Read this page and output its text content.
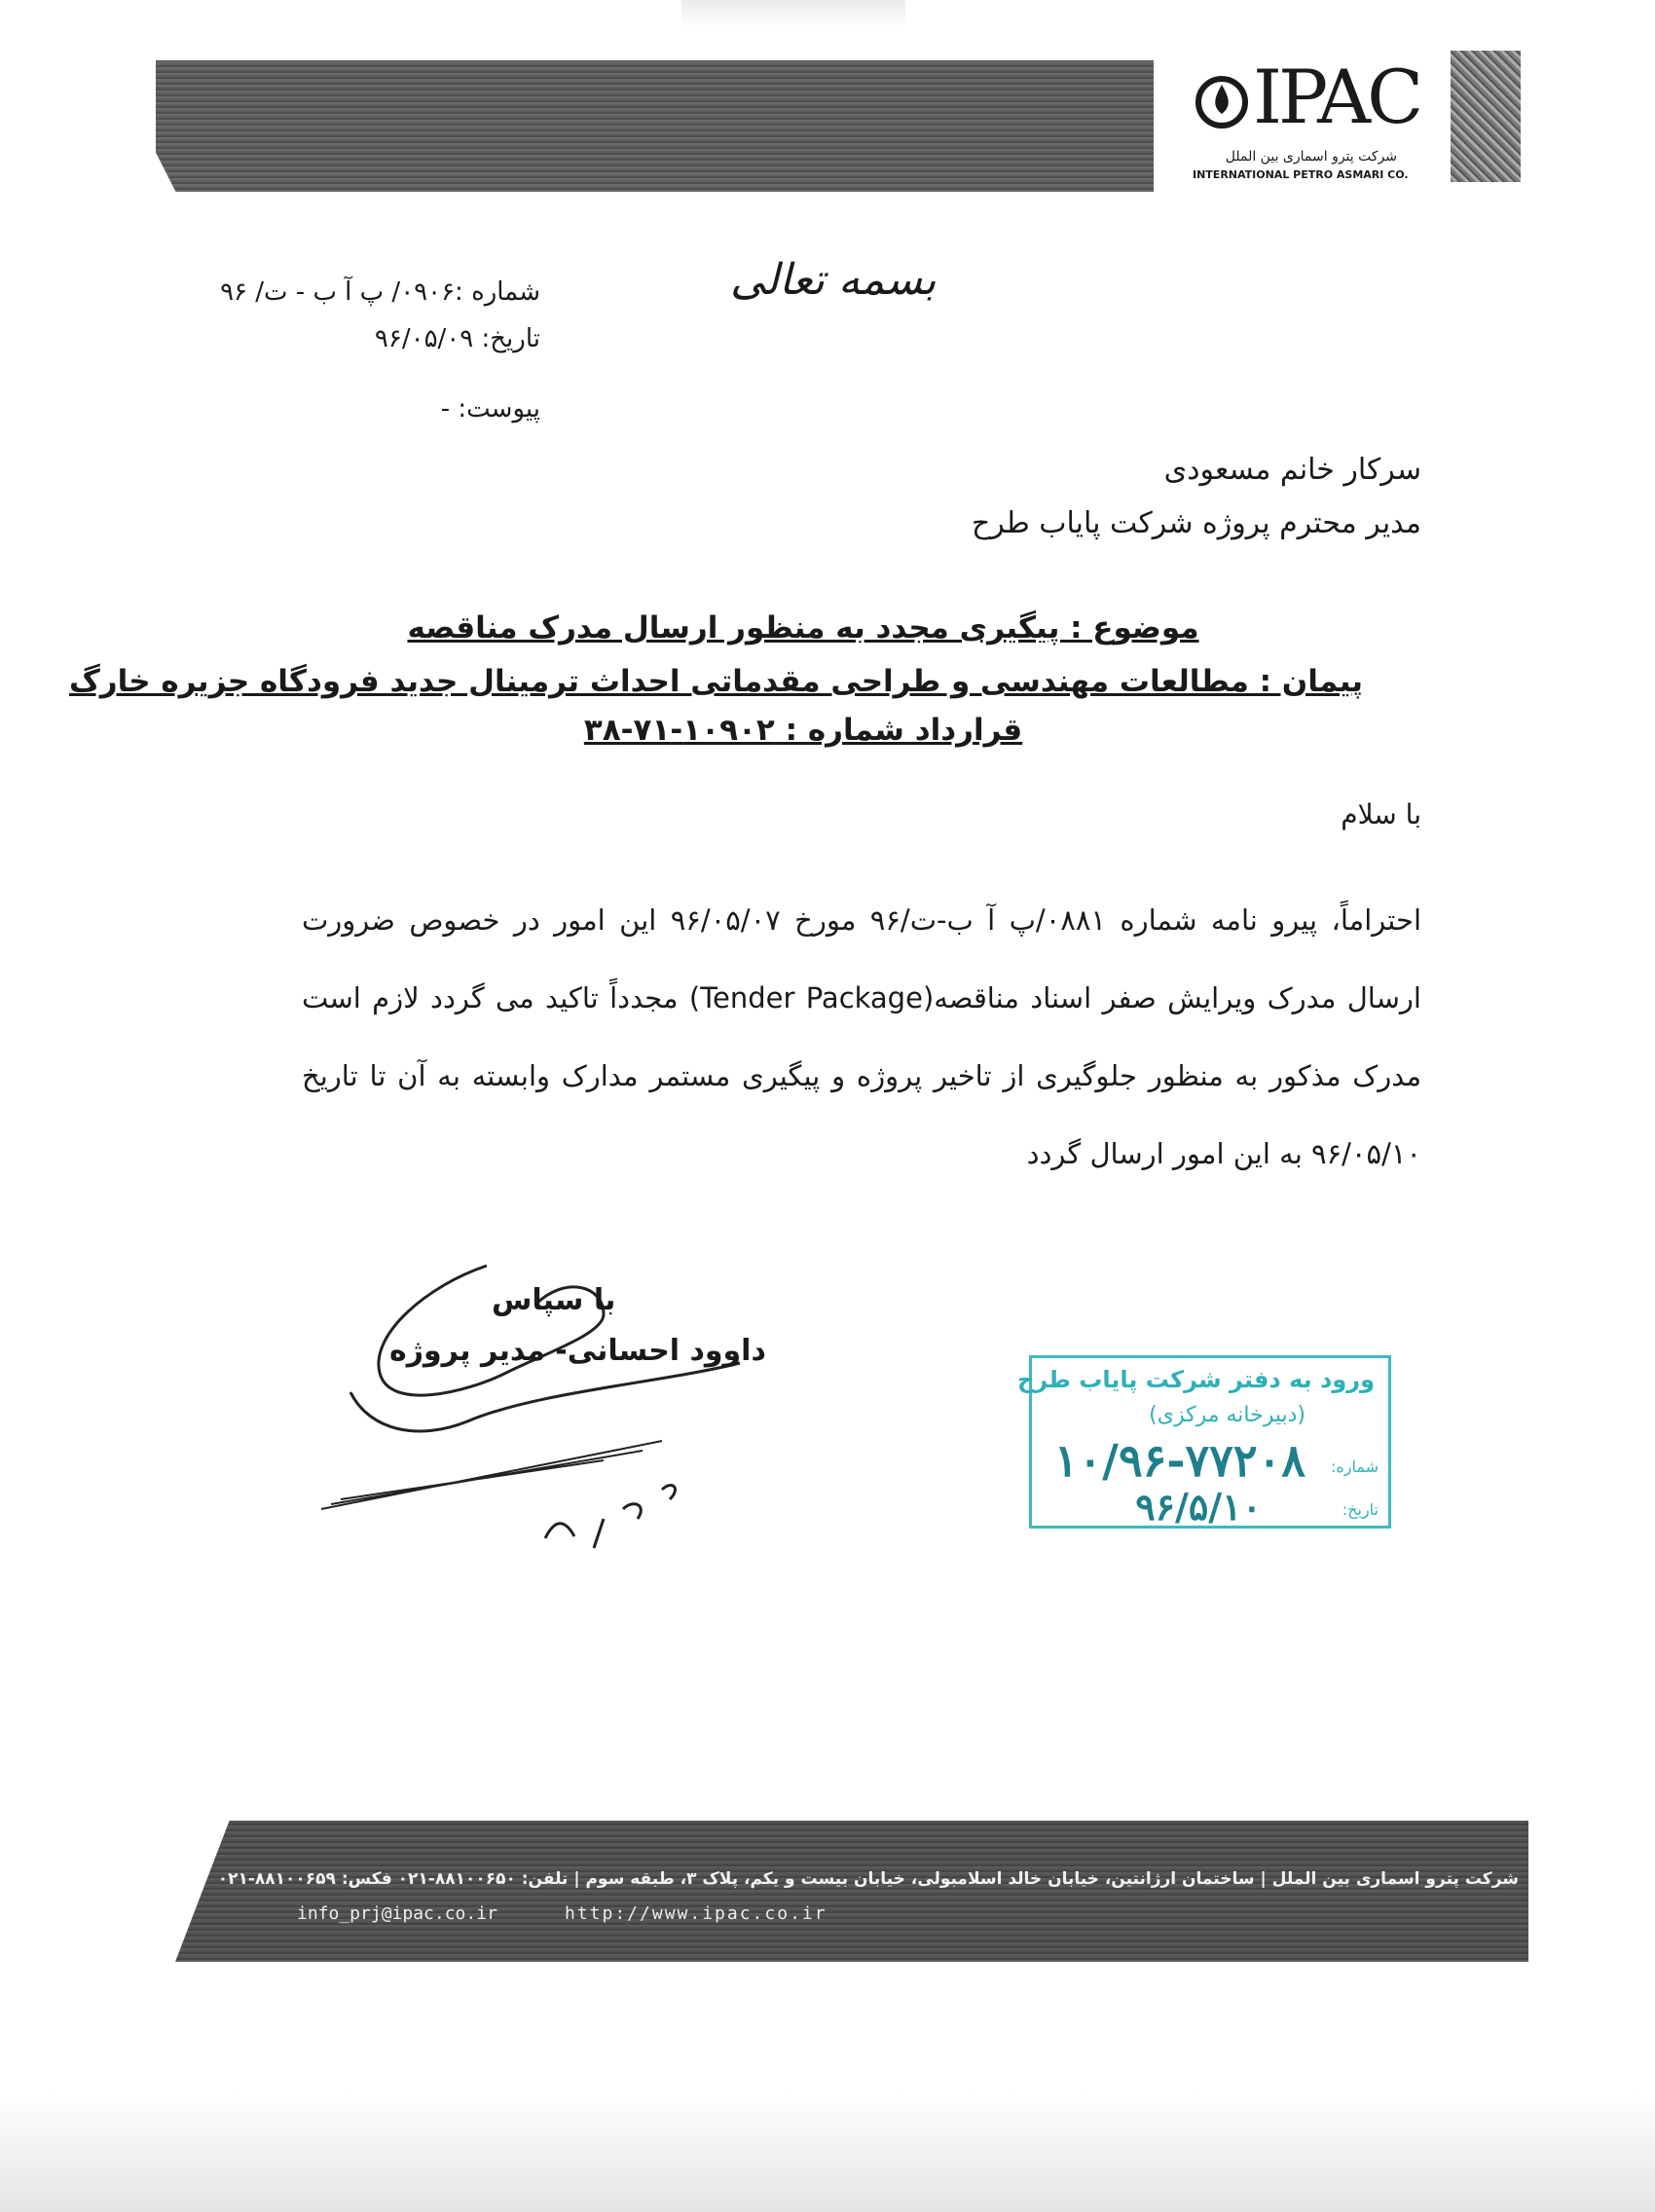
IPAC
شرکت پترو اسماری بین الملل
INTERNATIONAL PETRO ASMARI CO.
بسمه تعالی
شماره :۰۹۰۶/ پ آ ب - ت/ ۹۶
تاریخ: ۹۶/۰۵/۰۹
پیوست: -
سرکار خانم مسعودی
مدیر محترم پروژه شرکت پایاب طرح
موضوع : پیگیری مجدد به منظور ارسال مدرک مناقصه
پیمان : مطالعات مهندسی و طراحی مقدماتی احداث ترمینال جدید فرودگاه جزیره خارگ
قرارداد شماره : ۱۰۹۰۲-۷۱-۳۸
با سلام
احتراماً، پیرو نامه شماره ۰۸۸۱/پ آ ب-ت/۹۶ مورخ ۹۶/۰۵/۰۷ این امور در خصوص ضرورت ارسال مدرک ویرایش صفر اسناد مناقصه(Tender Package) مجدداً تاکید می گردد لازم است مدرک مذکور به منظور جلوگیری از تاخیر پروژه و پیگیری مستمر مدارک وابسته به آن تا تاریخ ۹۶/۰۵/۱۰ به این امور ارسال گردد
با سپاس
داوود احسانی- مدیر پروژه
ورود به دفتر شرکت پایاب طرح
(دبیرخانه مرکزی)
شماره:
۱۰/۹۶-۷۷۲۰۸
تاریخ:
۹۶/۵/۱۰
شرکت پترو اسماری بین الملل | ساختمان ارژانتین، خیابان خالد اسلامبولی، خیابان بیست و یکم، پلاک ۳، طبقه سوم | تلفن: ۸۸۱۰۰۶۵۰-۰۲۱ فکس: ۸۸۱۰۰۶۵۹-۰۲۱
info_prj@ipac.co.ir	http://www.ipac.co.ir
